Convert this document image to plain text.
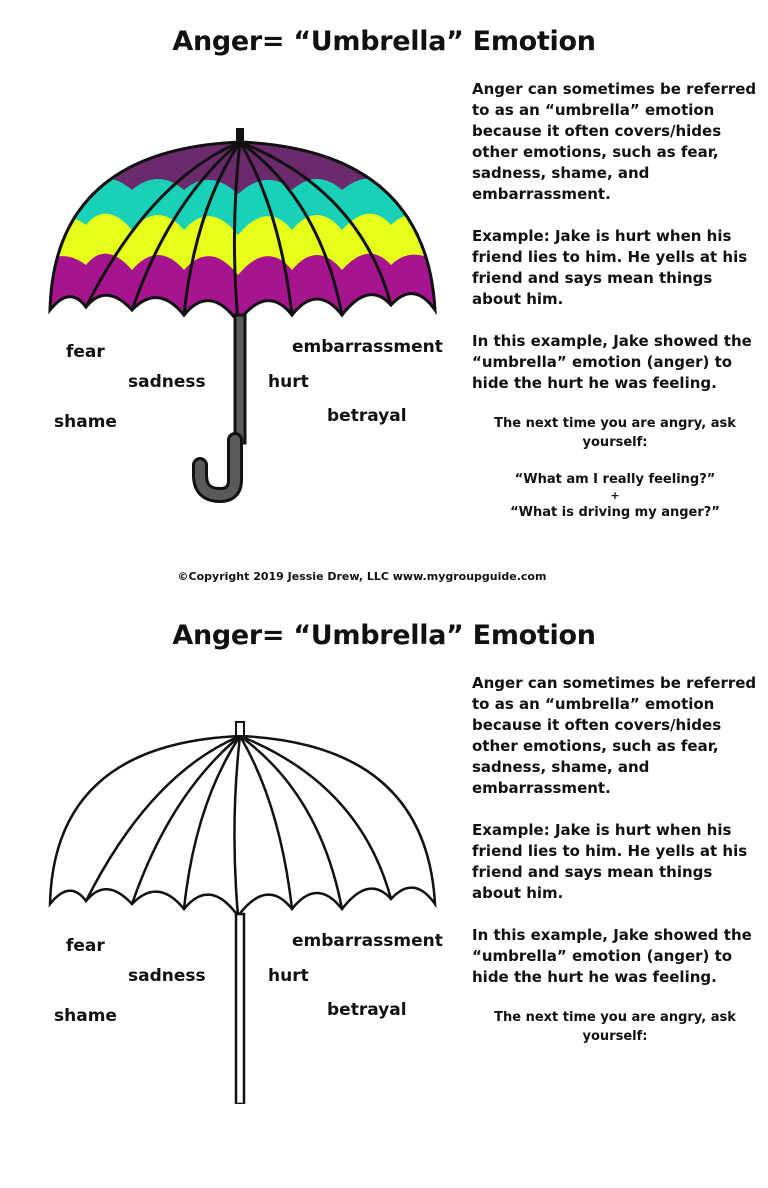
Anger= “Umbrella” Emotion
fear
sadness
shame
embarrassment
hurt
betrayal

Anger can sometimes be referred to as an “umbrella” emotion because it often covers/hides other emotions, such as fear, sadness, shame, and embarrassment.

Example: Jake is hurt when his friend lies to him. He yells at his friend and says mean things about him.

In this example, Jake showed the “umbrella” emotion (anger) to hide the hurt he was feeling.

The next time you are angry, ask yourself:

“What am I really feeling?”

+

“What is driving my anger?”

©Copyright 2019 Jessie Drew, LLC www.mygroupguide.com
Anger= “Umbrella” Emotion
fear
sadness
shame
embarrassment
hurt
betrayal

Anger can sometimes be referred to as an “umbrella” emotion because it often covers/hides other emotions, such as fear, sadness, shame, and embarrassment.

Example: Jake is hurt when his friend lies to him. He yells at his friend and says mean things about him.

In this example, Jake showed the “umbrella” emotion (anger) to hide the hurt he was feeling.

The next time you are angry, ask yourself:
